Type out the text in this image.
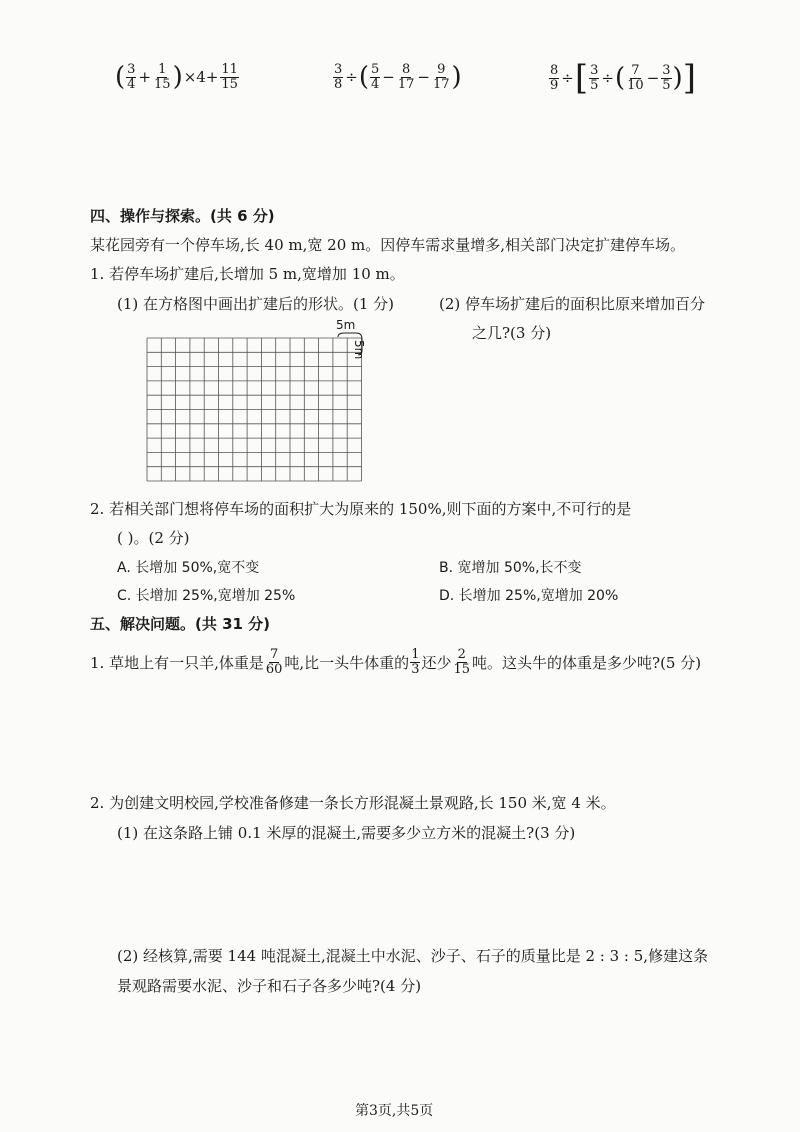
( $\frac{3}{4} + \frac{1}{15}$ ) $\times 4+ \frac{11}{15}$	$\frac{3}{8}$ ÷ ( $\frac{5}{4} - \frac{8}{17} - \frac{9}{17}$ )	$\frac{8}{9}$ ÷ [ $\frac{3}{5}$ ÷ ( $\frac{7}{10} - \frac{3}{5}$ ) ]
四、操作与探索。(共 6 分)
某花园旁有一个停车场,长 40 m,宽 20 m。因停车需求量增多,相关部门决定扩建停车场。
1. 若停车场扩建后,长增加 5 m,宽增加 10 m。
(1) 在方格图中画出扩建后的形状。(1 分)	(2) 停车场扩建后的面积比原来增加百分
之几?(3 分)
5m
5m
2. 若相关部门想将停车场的面积扩大为原来的 150%,则下面的方案中,不可行的是
( )。(2 分)
A. 长增加 50%,宽不变	B. 宽增加 50%,长不变
C. 长增加 25%,宽增加 25%	D. 长增加 25%,宽增加 20%
五、解决问题。(共 31 分)
1. 草地上有一只羊,体重是 $\frac{7}{60}$ 吨,比一头牛体重的 $\frac{1}{3}$ 还少 $\frac{2}{15}$ 吨。这头牛的体重是多少吨?(5 分)
2. 为创建文明校园,学校准备修建一条长方形混凝土景观路,长 150 米,宽 4 米。
(1) 在这条路上铺 0.1 米厚的混凝土,需要多少立方米的混凝土?(3 分)
(2) 经核算,需要 144 吨混凝土,混凝土中水泥、沙子、石子的质量比是 2 : 3 : 5,修建这条
景观路需要水泥、沙子和石子各多少吨?(4 分)
第3页,共5页
